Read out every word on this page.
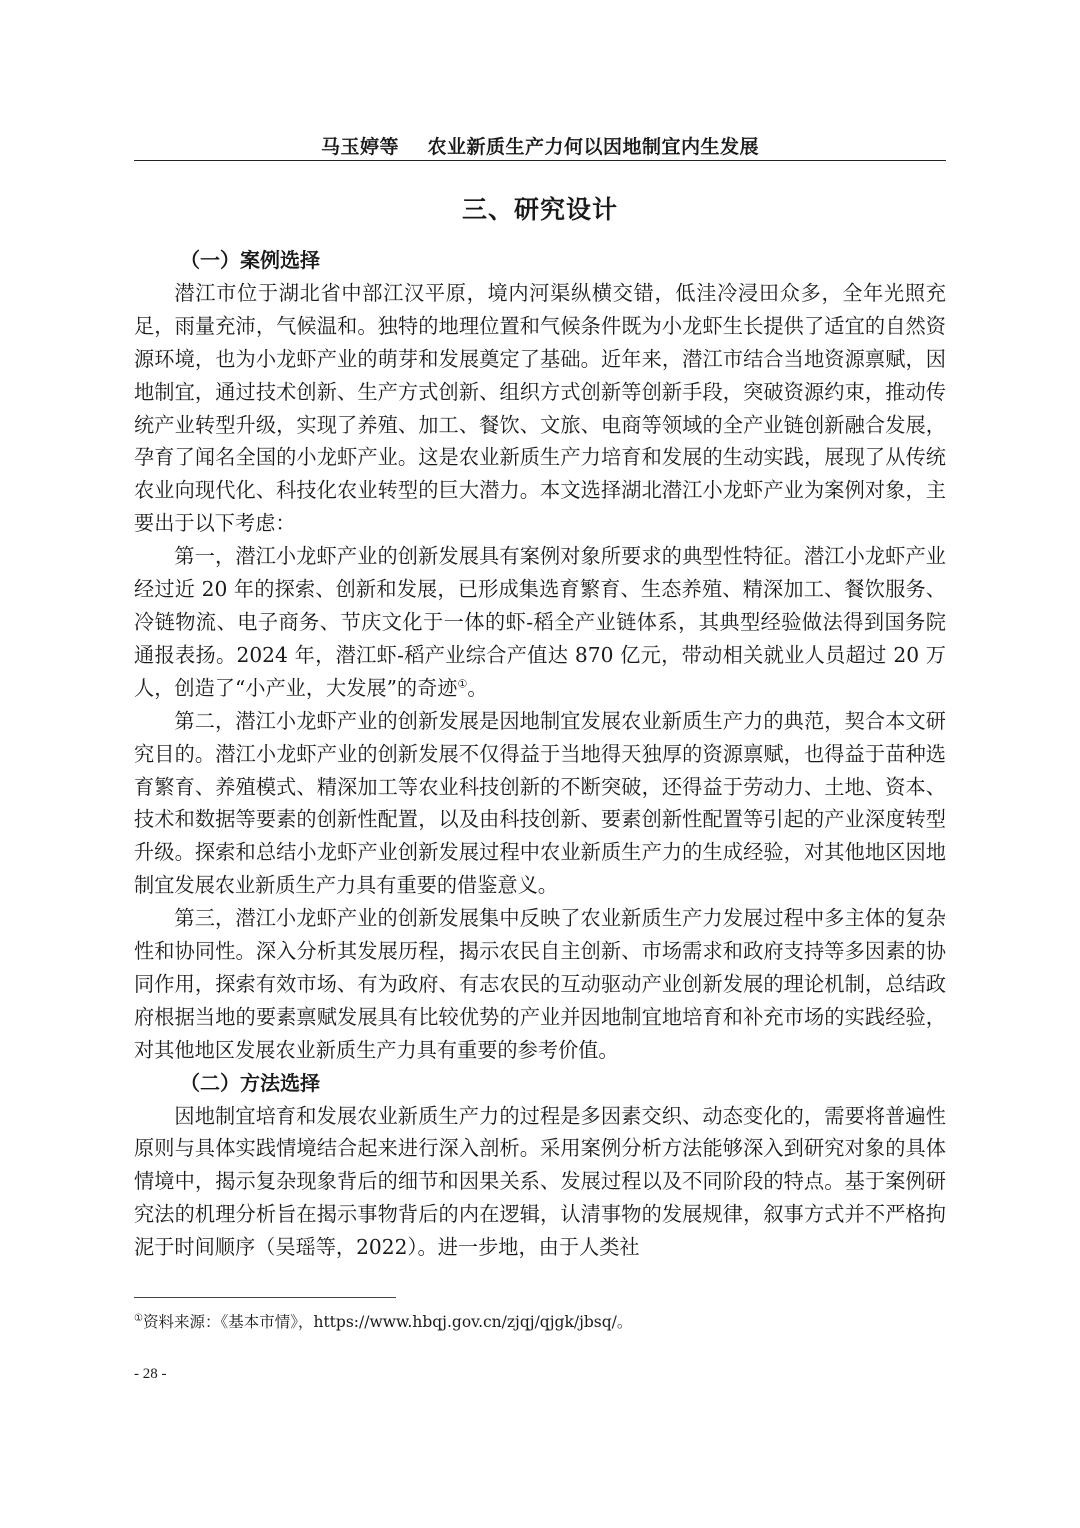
马玉婷等 农业新质生产力何以因地制宜内生发展
三、研究设计

（一）案例选择

潜江市位于湖北省中部江汉平原，境内河渠纵横交错，低洼冷浸田众多，全年光照充足，雨量充沛，气候温和。独特的地理位置和气候条件既为小龙虾生长提供了适宜的自然资源环境，也为小龙虾产业的萌芽和发展奠定了基础。近年来，潜江市结合当地资源禀赋，因地制宜，通过技术创新、生产方式创新、组织方式创新等创新手段，突破资源约束，推动传统产业转型升级，实现了养殖、加工、餐饮、文旅、电商等领域的全产业链创新融合发展，孕育了闻名全国的小龙虾产业。这是农业新质生产力培育和发展的生动实践，展现了从传统农业向现代化、科技化农业转型的巨大潜力。本文选择湖北潜江小龙虾产业为案例对象，主要出于以下考虑：

第一，潜江小龙虾产业的创新发展具有案例对象所要求的典型性特征。潜江小龙虾产业经过近 20 年的探索、创新和发展，已形成集选育繁育、生态养殖、精深加工、餐饮服务、冷链物流、电子商务、节庆文化于一体的虾-稻全产业链体系，其典型经验做法得到国务院通报表扬。2024 年，潜江虾-稻产业综合产值达 870 亿元，带动相关就业人员超过 20 万人，创造了“小产业，大发展”的奇迹①。

第二，潜江小龙虾产业的创新发展是因地制宜发展农业新质生产力的典范，契合本文研究目的。潜江小龙虾产业的创新发展不仅得益于当地得天独厚的资源禀赋，也得益于苗种选育繁育、养殖模式、精深加工等农业科技创新的不断突破，还得益于劳动力、土地、资本、技术和数据等要素的创新性配置，以及由科技创新、要素创新性配置等引起的产业深度转型升级。探索和总结小龙虾产业创新发展过程中农业新质生产力的生成经验，对其他地区因地制宜发展农业新质生产力具有重要的借鉴意义。

第三，潜江小龙虾产业的创新发展集中反映了农业新质生产力发展过程中多主体的复杂性和协同性。深入分析其发展历程，揭示农民自主创新、市场需求和政府支持等多因素的协同作用，探索有效市场、有为政府、有志农民的互动驱动产业创新发展的理论机制，总结政府根据当地的要素禀赋发展具有比较优势的产业并因地制宜地培育和补充市场的实践经验，对其他地区发展农业新质生产力具有重要的参考价值。

（二）方法选择

因地制宜培育和发展农业新质生产力的过程是多因素交织、动态变化的，需要将普遍性原则与具体实践情境结合起来进行深入剖析。采用案例分析方法能够深入到研究对象的具体情境中，揭示复杂现象背后的细节和因果关系、发展过程以及不同阶段的特点。基于案例研究法的机理分析旨在揭示事物背后的内在逻辑，认清事物的发展规律，叙事方式并不严格拘泥于时间顺序（吴瑶等，2022）。进一步地，由于人类社

①资料来源：《基本市情》，https://www.hbqj.gov.cn/zjqj/qjgk/jbsq/。
- 28 -
